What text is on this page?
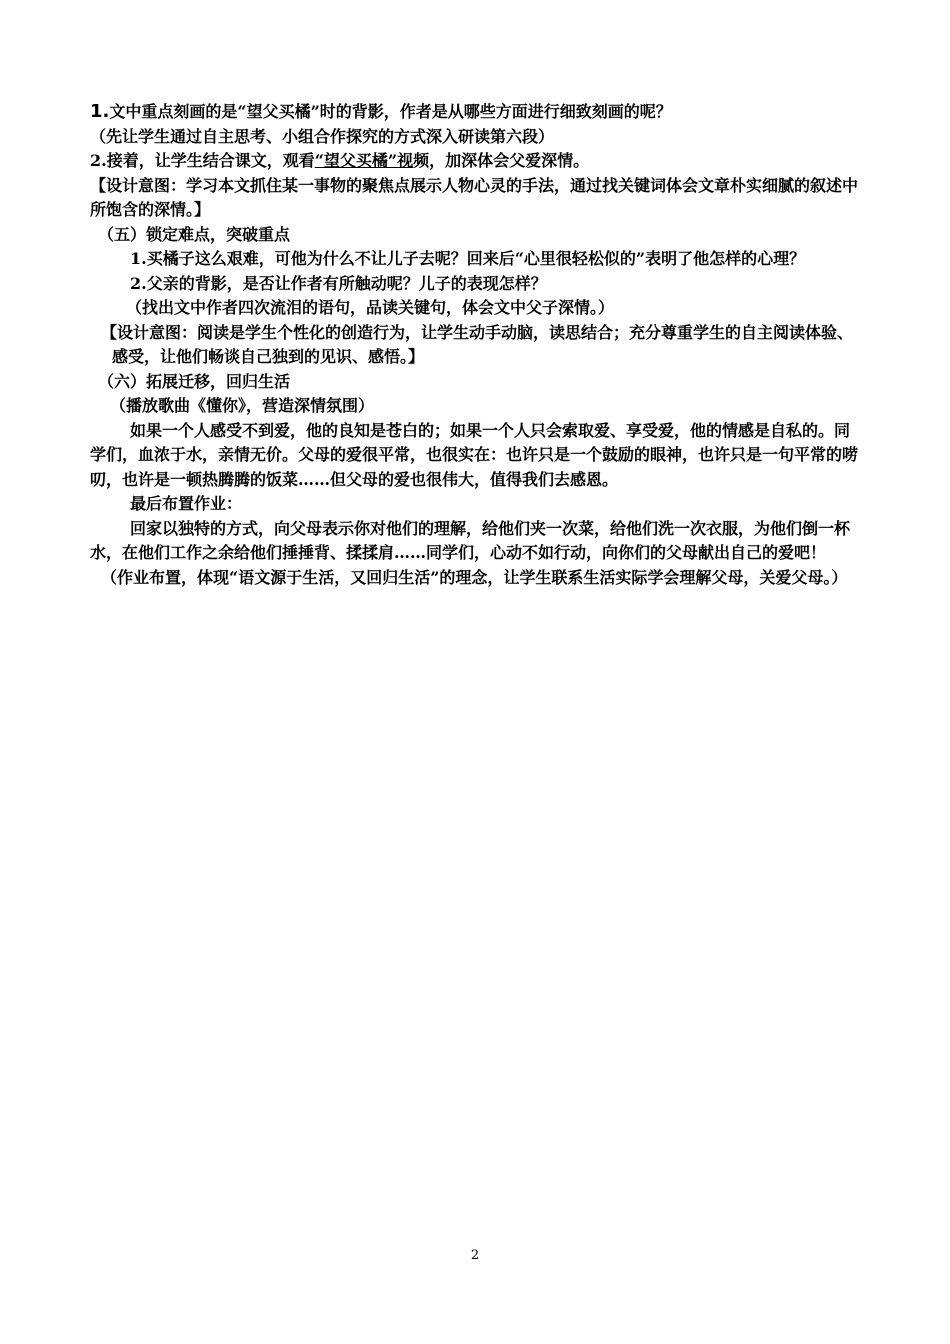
1.文中重点刻画的是“望父买橘”时的背影，作者是从哪些方面进行细致刻画的呢？

（先让学生通过自主思考、小组合作探究的方式深入研读第六段）

2.接着，让学生结合课文，观看“望父买橘”视频，加深体会父爱深情。

【设计意图：学习本文抓住某一事物的聚焦点展示人物心灵的手法，通过找关键词体会文章朴实细腻的叙述中所饱含的深情。】

（五）锁定难点，突破重点

1.买橘子这么艰难，可他为什么不让儿子去呢？回来后“心里很轻松似的”表明了他怎样的心理？

2.父亲的背影，是否让作者有所触动呢？儿子的表现怎样？

（找出文中作者四次流泪的语句，品读关键句，体会文中父子深情。）

【设计意图：阅读是学生个性化的创造行为，让学生动手动脑，读思结合；充分尊重学生的自主阅读体验、感受，让他们畅谈自己独到的见识、感悟。】

（六）拓展迁移，回归生活

（播放歌曲《懂你》，营造深情氛围）

如果一个人感受不到爱，他的良知是苍白的；如果一个人只会索取爱、享受爱，他的情感是自私的。同学们，血浓于水，亲情无价。父母的爱很平常，也很实在：也许只是一个鼓励的眼神，也许只是一句平常的唠叨，也许是一顿热腾腾的饭菜……但父母的爱也很伟大，值得我们去感恩。

最后布置作业：

回家以独特的方式，向父母表示你对他们的理解，给他们夹一次菜，给他们洗一次衣服，为他们倒一杯水，在他们工作之余给他们捶捶背、揉揉肩……同学们，心动不如行动，向你们的父母献出自己的爱吧！

（作业布置，体现“语文源于生活，又回归生活”的理念，让学生联系生活实际学会理解父母，关爱父母。）

2
